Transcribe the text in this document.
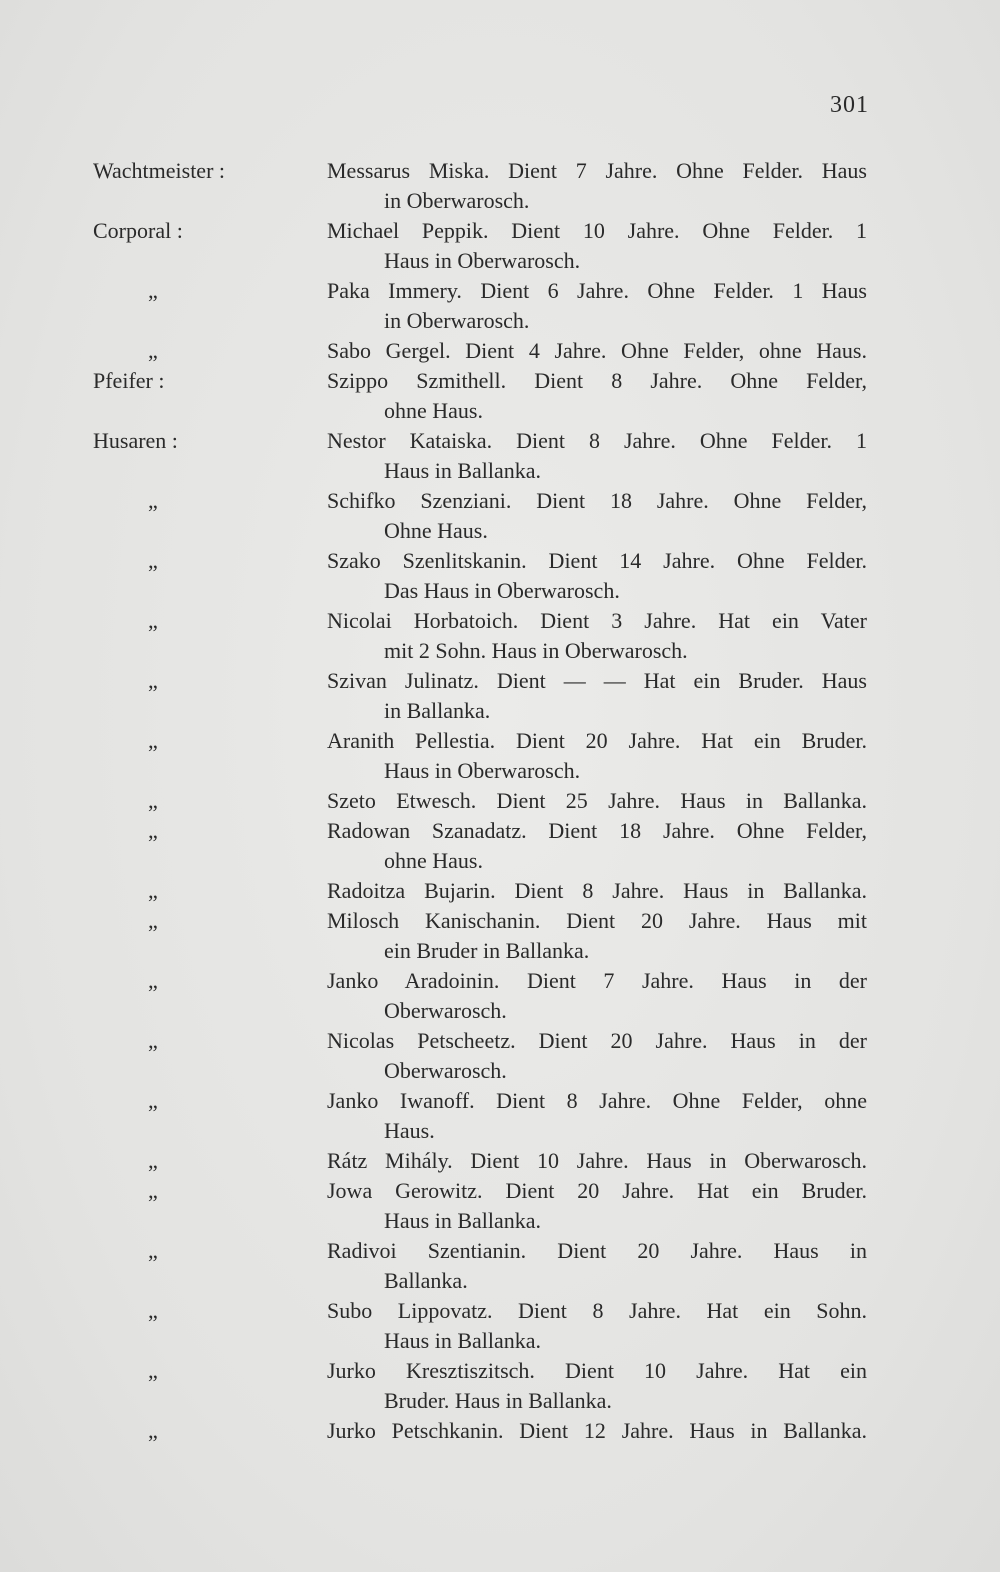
301
Wachtmeister :	Messarus Miska. Dient 7 Jahre. Ohne Felder. Haus
in Oberwarosch.
Corporal :	Michael Peppik. Dient 10 Jahre. Ohne Felder. 1
Haus in Oberwarosch.
„	Paka Immery. Dient 6 Jahre. Ohne Felder. 1 Haus
in Oberwarosch.
„	Sabo Gergel. Dient 4 Jahre. Ohne Felder, ohne Haus.
Pfeifer :	Szippo Szmithell. Dient 8 Jahre. Ohne Felder,
ohne Haus.
Husaren :	Nestor Kataiska. Dient 8 Jahre. Ohne Felder. 1
Haus in Ballanka.
„	Schifko Szenziani. Dient 18 Jahre. Ohne Felder,
Ohne Haus.
„	Szako Szenlitskanin. Dient 14 Jahre. Ohne Felder.
Das Haus in Oberwarosch.
„	Nicolai Horbatoich. Dient 3 Jahre. Hat ein Vater
mit 2 Sohn. Haus in Oberwarosch.
„	Szivan Julinatz. Dient — — Hat ein Bruder. Haus
in Ballanka.
„	Aranith Pellestia. Dient 20 Jahre. Hat ein Bruder.
Haus in Oberwarosch.
„	Szeto Etwesch. Dient 25 Jahre. Haus in Ballanka.
„	Radowan Szanadatz. Dient 18 Jahre. Ohne Felder,
ohne Haus.
„	Radoitza Bujarin. Dient 8 Jahre. Haus in Ballanka.
„	Milosch Kanischanin. Dient 20 Jahre. Haus mit
ein Bruder in Ballanka.
„	Janko Aradoinin. Dient 7 Jahre. Haus in der
Oberwarosch.
„	Nicolas Petscheetz. Dient 20 Jahre. Haus in der
Oberwarosch.
„	Janko Iwanoff. Dient 8 Jahre. Ohne Felder, ohne
Haus.
„	Rátz Mihály. Dient 10 Jahre. Haus in Oberwarosch.
„	Jowa Gerowitz. Dient 20 Jahre. Hat ein Bruder.
Haus in Ballanka.
„	Radivoi Szentianin. Dient 20 Jahre. Haus in
Ballanka.
„	Subo Lippovatz. Dient 8 Jahre. Hat ein Sohn.
Haus in Ballanka.
„	Jurko Kresztiszitsch. Dient 10 Jahre. Hat ein
Bruder. Haus in Ballanka.
„	Jurko Petschkanin. Dient 12 Jahre. Haus in Ballanka.
